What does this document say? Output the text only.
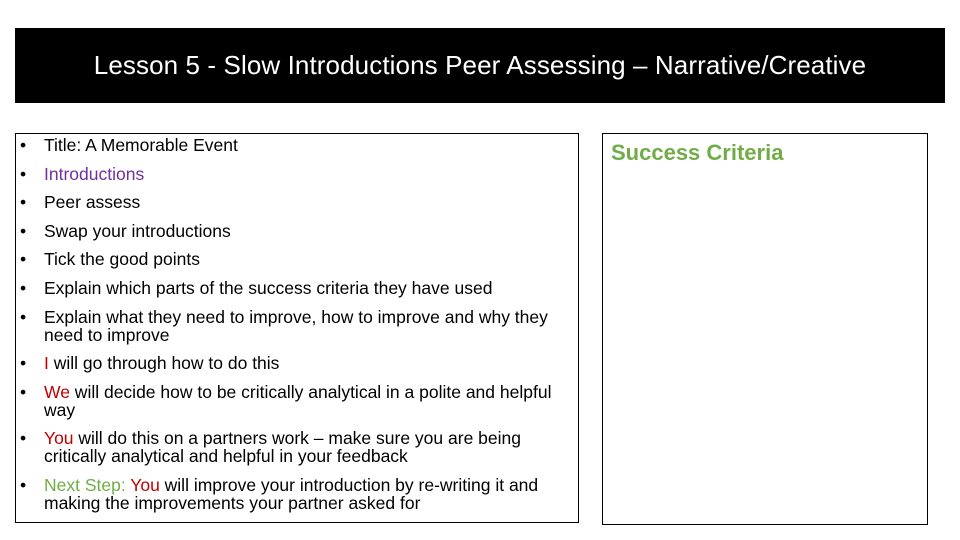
Lesson 5 - Slow Introductions Peer Assessing – Narrative/Creative
• Title: A Memorable Event
• Introductions
• Peer assess
• Swap your introductions
• Tick the good points
• Explain which parts of the success criteria they have used
• Explain what they need to improve, how to improve and why they need to improve
• I will go through how to do this
• We will decide how to be critically analytical in a polite and helpful way
• You will do this on a partners work – make sure you are being critically analytical and helpful in your feedback
• Next Step: You will improve your introduction by re-writing it and making the improvements your partner asked for
Success Criteria
